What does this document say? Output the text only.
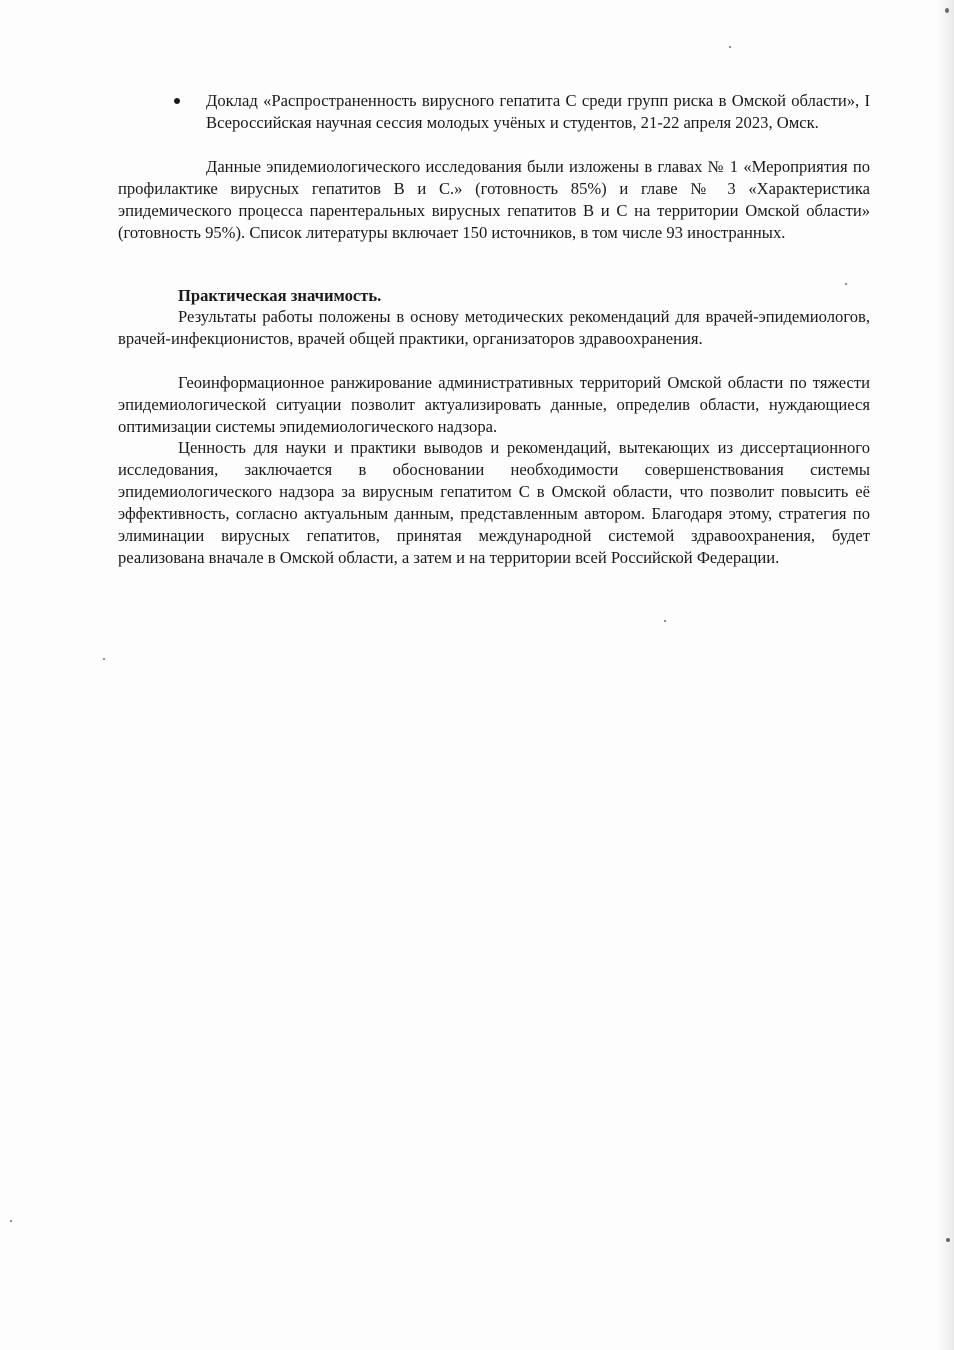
Доклад «Распространенность вирусного гепатита С среди групп риска в Омской области», I Всероссийская научная сессия молодых учёных и студентов, 21-22 апреля 2023, Омск.

Данные эпидемиологического исследования были изложены в главах № 1 «Мероприятия по профилактике вирусных гепатитов В и С.» (готовность 85%) и главе № 3 «Характеристика эпидемического процесса парентеральных вирусных гепатитов В и С на территории Омской области» (готовность 95%). Список литературы включает 150 источников, в том числе 93 иностранных.

Практическая значимость.

Результаты работы положены в основу методических рекомендаций для врачей-эпидемиологов, врачей-инфекционистов, врачей общей практики, организаторов здравоохранения.

Геоинформационное ранжирование административных территорий Омской области по тяжести эпидемиологической ситуации позволит актуализировать данные, определив области, нуждающиеся оптимизации системы эпидемиологического надзора.

Ценность для науки и практики выводов и рекомендаций, вытекающих из диссертационного исследования, заключается в обосновании необходимости совершенствования системы эпидемиологического надзора за вирусным гепатитом С в Омской области, что позволит повысить её эффективность, согласно актуальным данным, представленным автором. Благодаря этому, стратегия по элиминации вирусных гепатитов, принятая международной системой здравоохранения, будет реализована вначале в Омской области, а затем и на территории всей Российской Федерации.
